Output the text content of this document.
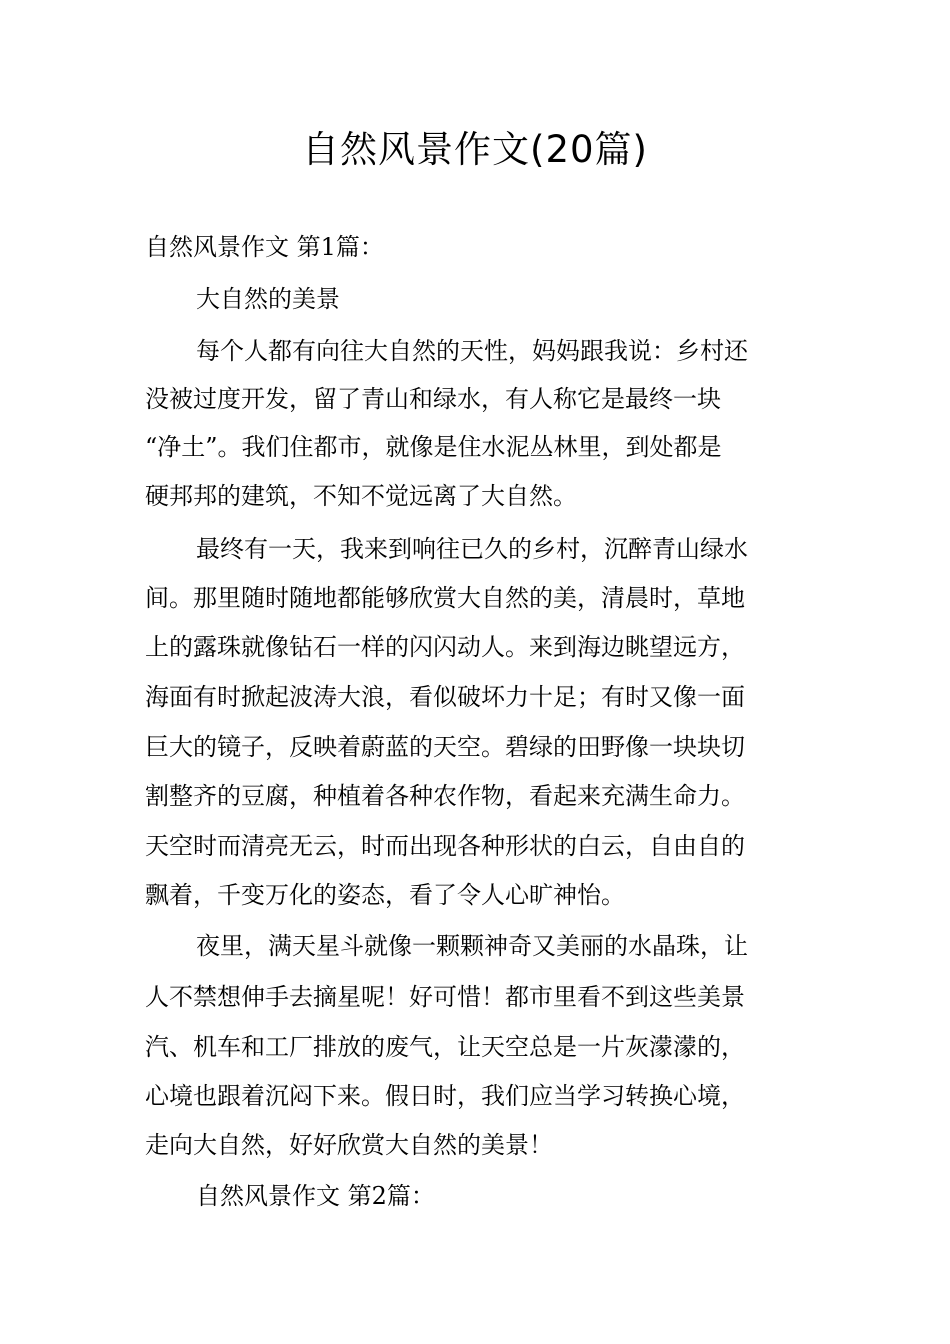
自然风景作文(20篇)
自然风景作文 第1篇：
大自然的美景
每个人都有向往大自然的天性，妈妈跟我说：乡村还
没被过度开发，留了青山和绿水，有人称它是最终一块
“净土”。我们住都市，就像是住水泥丛林里，到处都是
硬邦邦的建筑，不知不觉远离了大自然。
最终有一天，我来到响往已久的乡村，沉醉青山绿水
间。那里随时随地都能够欣赏大自然的美，清晨时，草地
上的露珠就像钻石一样的闪闪动人。来到海边眺望远方，
海面有时掀起波涛大浪，看似破坏力十足；有时又像一面
巨大的镜子，反映着蔚蓝的天空。碧绿的田野像一块块切
割整齐的豆腐，种植着各种农作物，看起来充满生命力。
天空时而清亮无云，时而出现各种形状的白云，自由自的
飘着，千变万化的姿态，看了令人心旷神怡。
夜里，满天星斗就像一颗颗神奇又美丽的水晶珠，让
人不禁想伸手去摘星呢！好可惜！都市里看不到这些美景
汽、机车和工厂排放的废气，让天空总是一片灰濛濛的，
心境也跟着沉闷下来。假日时，我们应当学习转换心境，
走向大自然，好好欣赏大自然的美景！
自然风景作文 第2篇：
